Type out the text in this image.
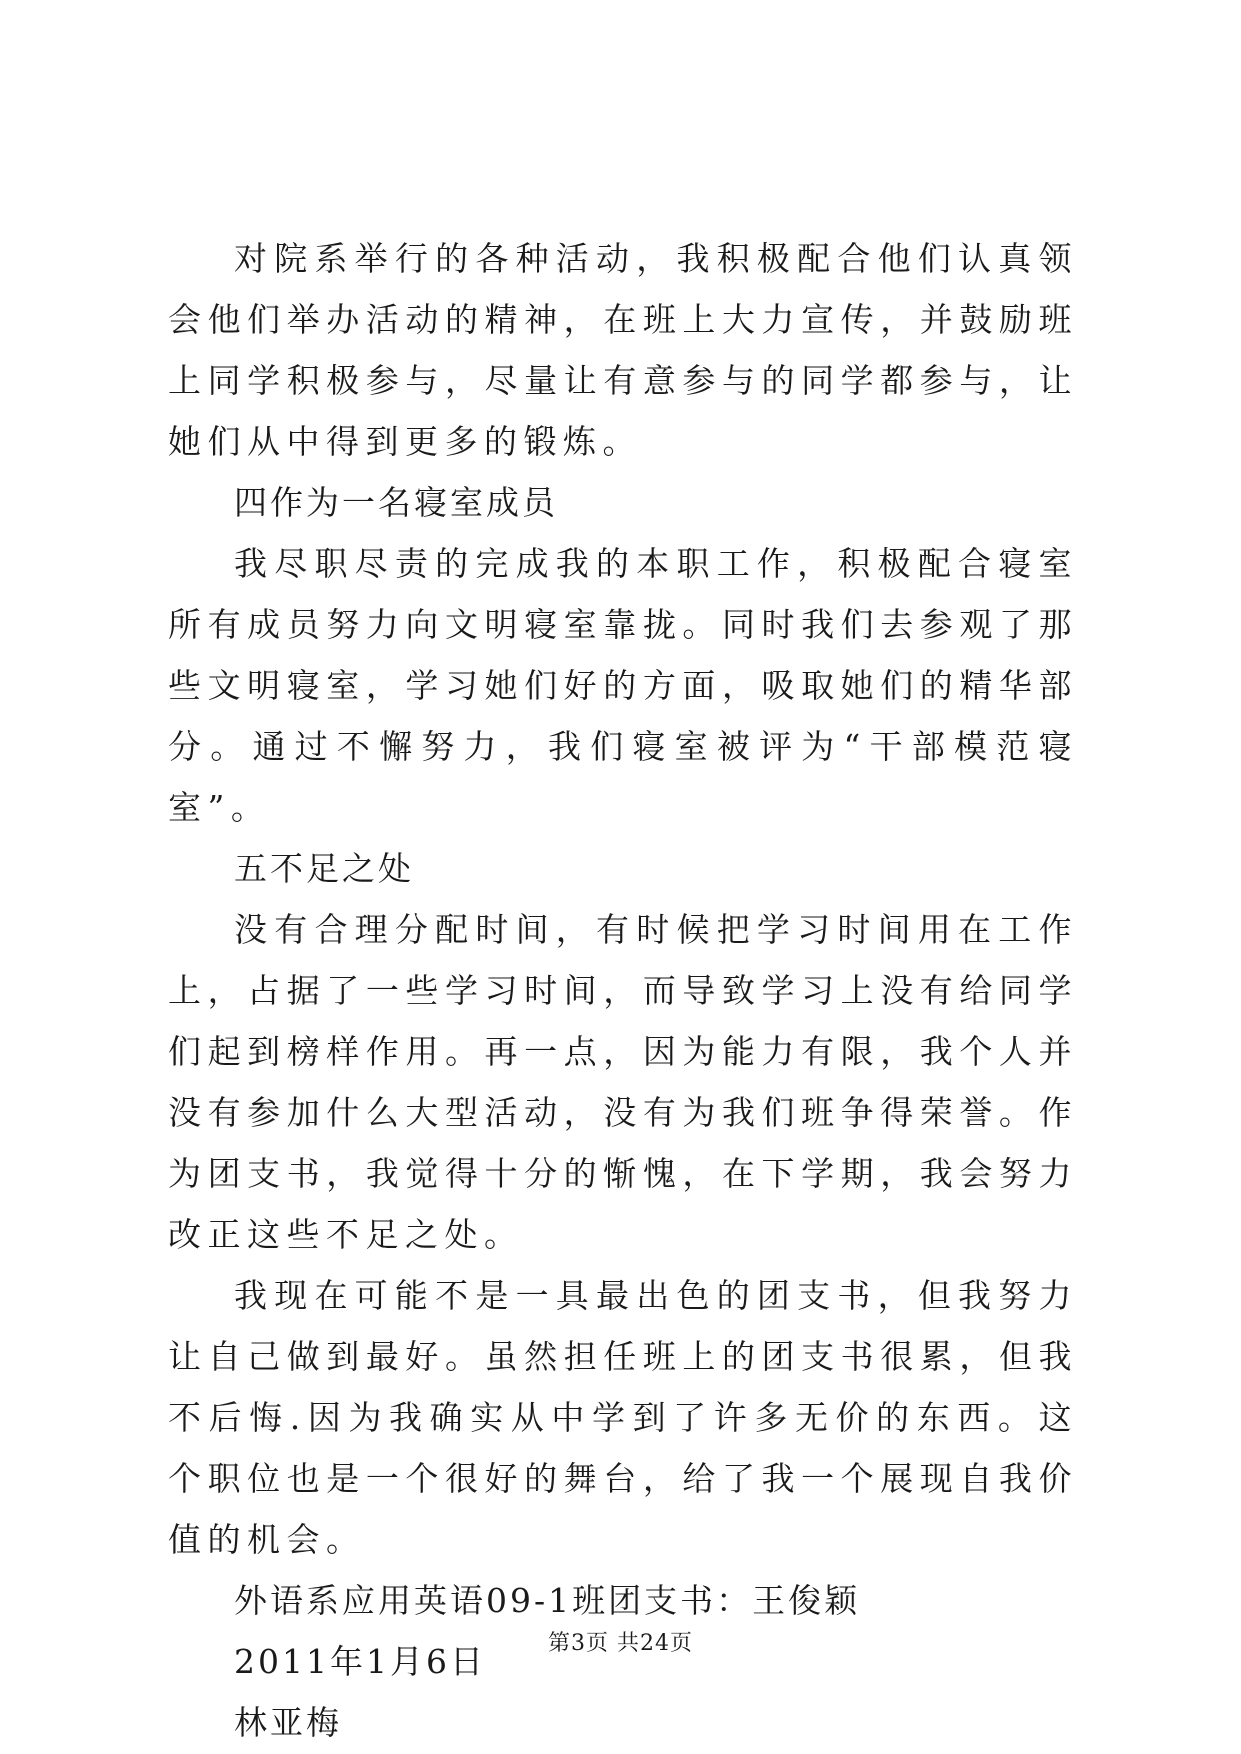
对院系举行的各种活动，我积极配合他们认真领会他们举办活动的精神，在班上大力宣传，并鼓励班上同学积极参与，尽量让有意参与的同学都参与，让她们从中得到更多的锻炼。

四作为一名寝室成员

我尽职尽责的完成我的本职工作，积极配合寝室所有成员努力向文明寝室靠拢。同时我们去参观了那些文明寝室，学习她们好的方面，吸取她们的精华部分。通过不懈努力，我们寝室被评为“干部模范寝室”。

五不足之处

没有合理分配时间，有时候把学习时间用在工作上，占据了一些学习时间，而导致学习上没有给同学们起到榜样作用。再一点，因为能力有限，我个人并没有参加什么大型活动，没有为我们班争得荣誉。作为团支书，我觉得十分的惭愧，在下学期，我会努力改正这些不足之处。

我现在可能不是一具最出色的团支书，但我努力让自己做到最好。虽然担任班上的团支书很累，但我不后悔.因为我确实从中学到了许多无价的东西。这个职位也是一个很好的舞台，给了我一个展现自我价值的机会。

外语系应用英语09-1班团支书：王俊颖

2011年1月6日

林亚梅

第3页 共24页
